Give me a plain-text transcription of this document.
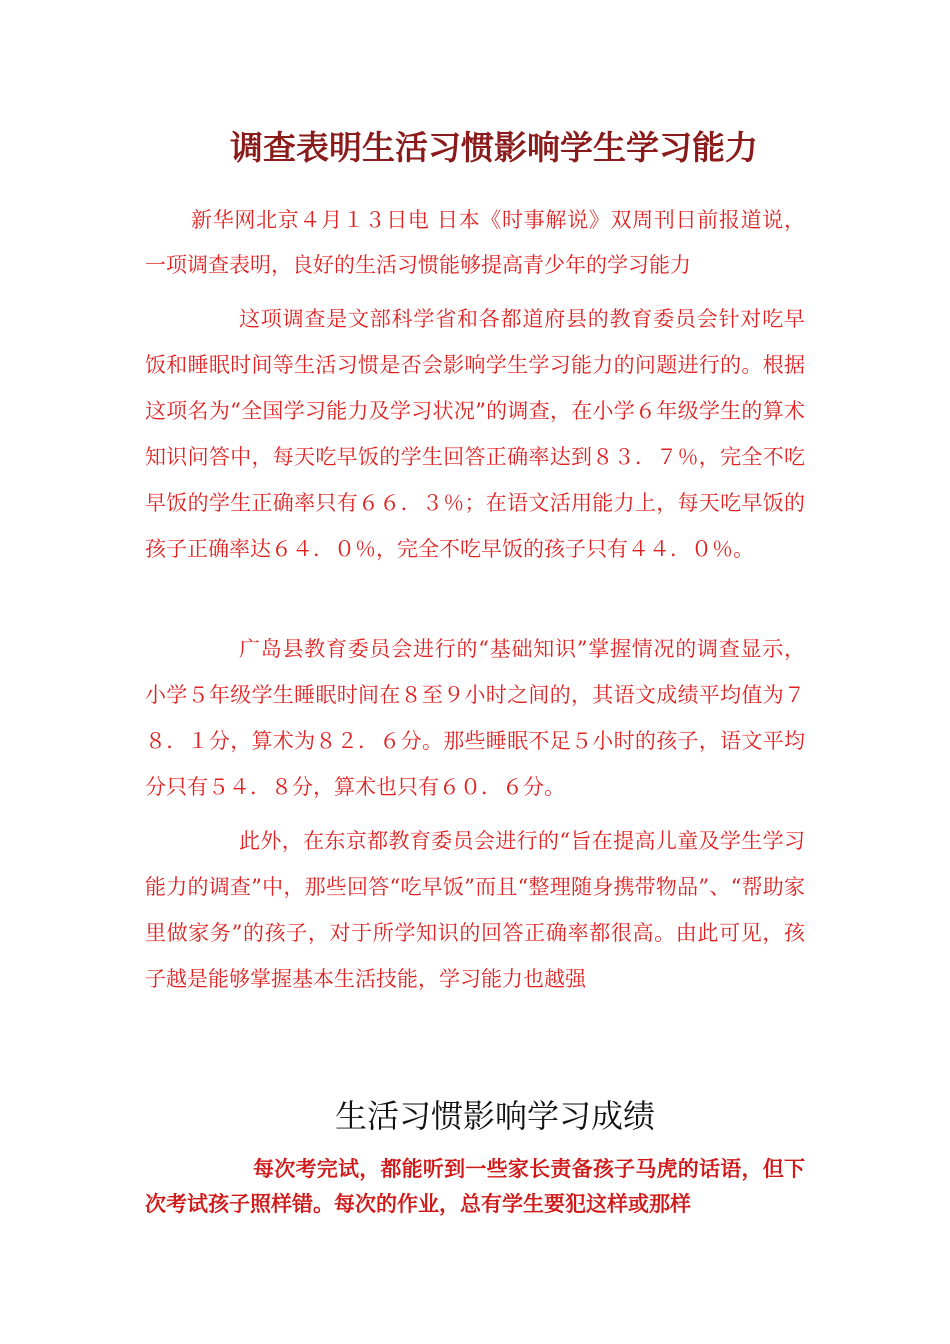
调查表明生活习惯影响学生学习能力

新华网北京４月１３日电 日本《时事解说》双周刊日前报道说，一项调查表明，良好的生活习惯能够提高青少年的学习能力

这项调查是文部科学省和各都道府县的教育委员会针对吃早饭和睡眠时间等生活习惯是否会影响学生学习能力的问题进行的。根据这项名为“全国学习能力及学习状况”的调查，在小学６年级学生的算术知识问答中，每天吃早饭的学生回答正确率达到８３．７％，完全不吃早饭的学生正确率只有６６．３％；在语文活用能力上，每天吃早饭的孩子正确率达６４．０％，完全不吃早饭的孩子只有４４．０％。

广岛县教育委员会进行的“基础知识”掌握情况的调查显示，小学５年级学生睡眠时间在８至９小时之间的，其语文成绩平均值为７８．１分，算术为８２．６分。那些睡眠不足５小时的孩子，语文平均分只有５４．８分，算术也只有６０．６分。

此外，在东京都教育委员会进行的“旨在提高儿童及学生学习能力的调查”中，那些回答“吃早饭”而且“整理随身携带物品”、“帮助家里做家务”的孩子，对于所学知识的回答正确率都很高。由此可见，孩子越是能够掌握基本生活技能，学习能力也越强

生活习惯影响学习成绩

每次考完试，都能听到一些家长责备孩子马虎的话语，但下次考试孩子照样错。每次的作业，总有学生要犯这样或那样
